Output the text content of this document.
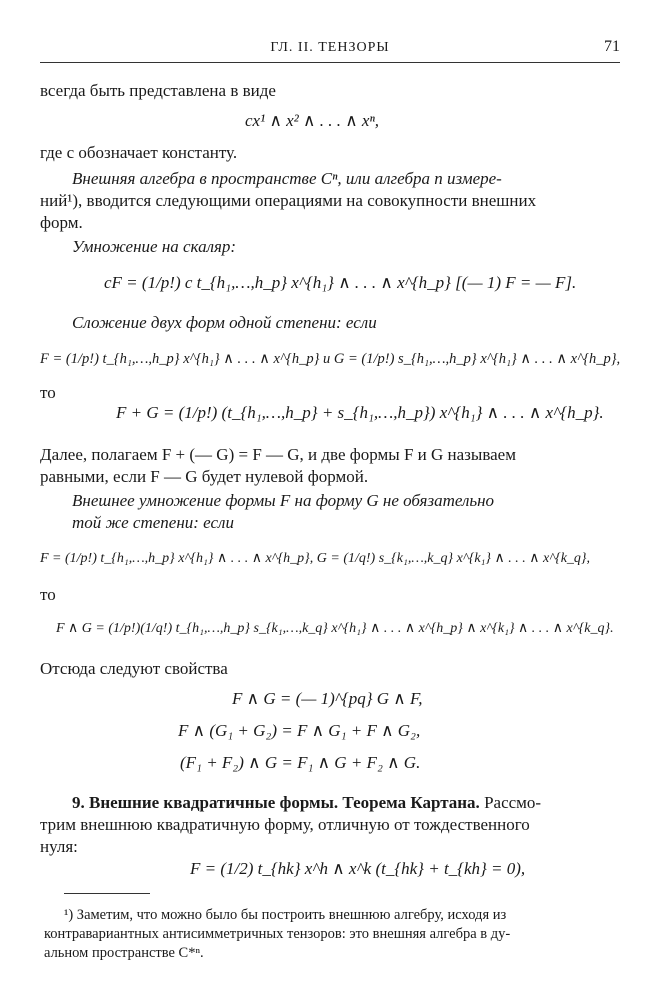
ГЛ. II. ТЕНЗОРЫ	71
всегда быть представлена в виде
cx¹ ∧ x² ∧ . . . ∧ xⁿ,
где c обозначает константу.
Внешняя алгебра в пространстве Cⁿ, или алгебра n измере-
ний¹), вводится следующими операциями на совокупности внешних
форм.
Умножение на скаляр:
cF = (1/p!) c t_{h₁,…,h_p} x^{h₁} ∧ . . . ∧ x^{h_p} [(— 1) F = — F].
Сложение двух форм одной степени: если
F = (1/p!) t_{h₁,…,h_p} x^{h₁} ∧ . . . ∧ x^{h_p} и G = (1/p!) s_{h₁,…,h_p} x^{h₁} ∧ . . . ∧ x^{h_p},
то
F + G = (1/p!) (t_{h₁,…,h_p} + s_{h₁,…,h_p}) x^{h₁} ∧ . . . ∧ x^{h_p}.
Далее, полагаем F + (— G) = F — G, и две формы F и G называем
равными, если F — G будет нулевой формой.
Внешнее умножение формы F на форму G не обязательно
той же степени: если
F = (1/p!) t_{h₁,…,h_p} x^{h₁} ∧ . . . ∧ x^{h_p}, G = (1/q!) s_{k₁,…,k_q} x^{k₁} ∧ . . . ∧ x^{k_q},
то
F ∧ G = (1/p!)(1/q!) t_{h₁,…,h_p} s_{k₁,…,k_q} x^{h₁} ∧ . . . ∧ x^{h_p} ∧ x^{k₁} ∧ . . . ∧ x^{k_q}.
Отсюда следуют свойства
F ∧ G = (— 1)^{pq} G ∧ F,
F ∧ (G₁ + G₂) = F ∧ G₁ + F ∧ G₂,
(F₁ + F₂) ∧ G = F₁ ∧ G + F₂ ∧ G.
9. Внешние квадратичные формы. Теорема Картана. Рассмо-
трим внешнюю квадратичную форму, отличную от тождественного
нуля:
F = (1/2) t_{hk} x^h ∧ x^k (t_{hk} + t_{kh} = 0),
¹) Заметим, что можно было бы построить внешнюю алгебру, исходя из
контравариантных антисимметричных тензоров: это внешняя алгебра в ду-
альном пространстве C*ⁿ.
